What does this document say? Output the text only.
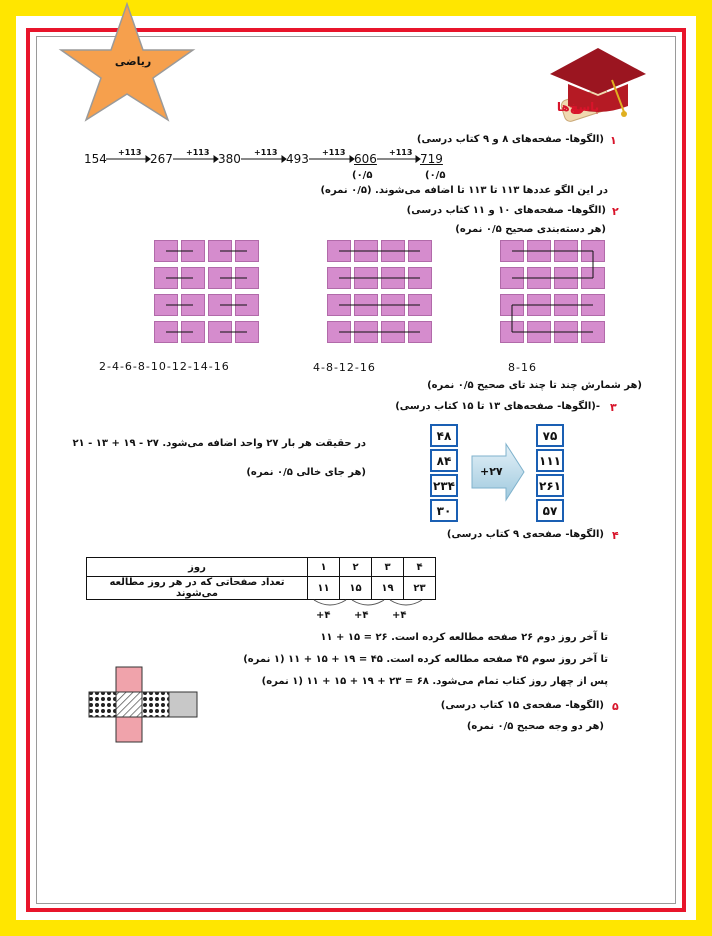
ریاضی
پاسخ‌ها
۱
(الگوها- صفحه‌های ۸ و ۹ کتاب درسی)
154	267	380	493	606	719
+113	+113	+113	+113	+113
(۰/۵	(۰/۵
در این الگو عددها ۱۱۳ تا ۱۱۳ تا اضافه می‌شوند. (۰/۵ نمره)
۲
(الگوها- صفحه‌های ۱۰ و ۱۱ کتاب درسی)
(هر دسته‌بندی صحیح ۰/۵ نمره)
2-4-6-8-10-12-14-16	4-8-12-16	8-16
(هر شمارش چند تا چند تای صحیح ۰/۵ نمره)
۳
-(الگوها- صفحه‌های ۱۳ تا ۱۵ کتاب درسی)
در حقیقت هر بار ۲۷ واحد اضافه می‌شود. ۲۷ - ۱۹ + ۱۳ - ۲۱
(هر جای خالی ۰/۵ نمره)
۴۸
۸۴
۲۳۴
۳۰
+۲۷
۷۵
۱۱۱
۲۶۱
۵۷
۴
(الگوها- صفحه‌ی ۹ کتاب درسی)
روز	۱	۲	۳	۴
تعداد صفحاتی که در هر روز مطالعه می‌شوند	۱۱	۱۵	۱۹	۲۳
+۴ +۴ +۴
تا آخر روز دوم ۲۶ صفحه مطالعه کرده است. ۲۶ = ۱۵ + ۱۱
تا آخر روز سوم ۴۵ صفحه مطالعه کرده است. ۴۵ = ۱۹ + ۱۵ + ۱۱ (۱ نمره)
پس از چهار روز کتاب تمام می‌شود. ۶۸ = ۲۳ + ۱۹ + ۱۵ + ۱۱ (۱ نمره)
۵
(الگوها- صفحه‌ی ۱۵ کتاب درسی)
(هر دو وجه صحیح ۰/۵ نمره)
